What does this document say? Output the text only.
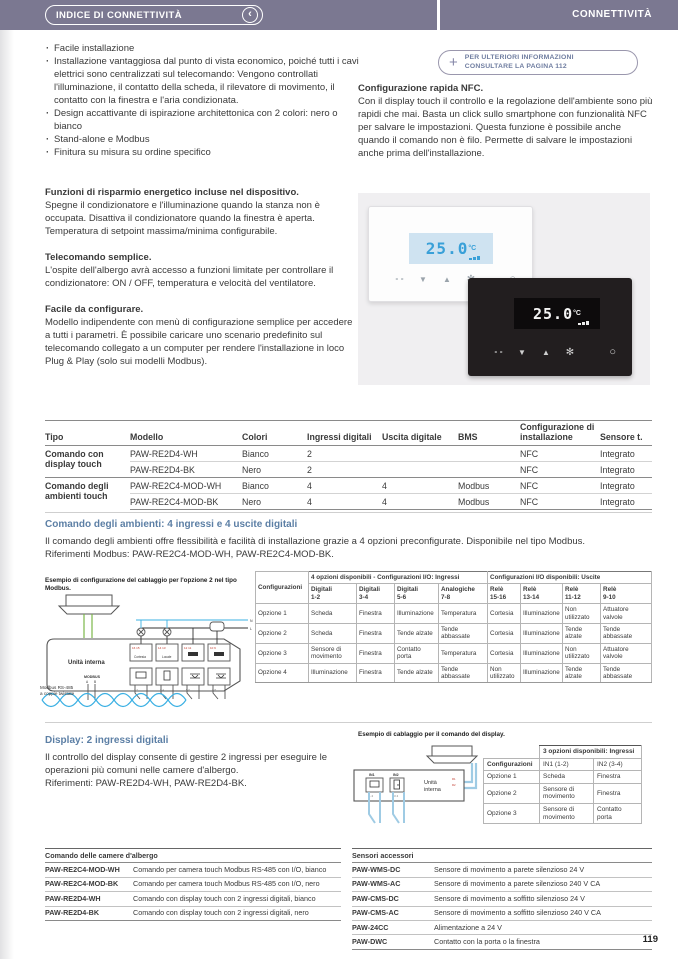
INDICE DI CONNETTIVITÀ	‹	CONNETTIVITÀ
· Facile installazione
· Installazione vantaggiosa dal punto di vista economico, poiché tutti i cavi elettrici sono centralizzati sul telecomando: Vengono controllati l'illuminazione, il contatto della scheda, il rilevatore di movimento, il contatto con la finestra e l'aria condizionata.
· Design accattivante di ispirazione architettonica con 2 colori: nero o bianco
· Stand-alone e Modbus
· Finitura su misura su ordine specifico
Funzioni di risparmio energetico incluse nel dispositivo.
Spegne il condizionatore e l'illuminazione quando la stanza non è occupata. Disattiva il condizionatore quando la finestra è aperta. Temperatura di setpoint massima/minima configurabile.
Telecomando semplice.
L'ospite dell'albergo avrà accesso a funzioni limitate per controllare il condizionatore: ON / OFF, temperatura e velocità del ventilatore.
Facile da configurare.
Modello indipendente con menù di configurazione semplice per accedere a tutti i parametri. È possibile caricare uno scenario predefinito sul telecomando collegato a un computer per rendere l'installazione in loco Plug & Play (solo sui modelli Modbus).
+ PER ULTERIORI INFORMAZIONI
CONSULTARE LA PAGINA 112
Configurazione rapida NFC.
Con il display touch il controllo e la regolazione dell'ambiente sono più rapidi che mai. Basta un click sullo smartphone con funzionalità NFC per salvare le impostazioni. Questa funzione è possibile anche quando il comando non è filo. Permette di salvare le impostazioni anche prima dell'installazione.
25.0 °C
∘∘	▼	▲
25.0 °C
∘∘	▼	▲	✻	○
Tipo	Modello	Colori	Ingressi digitali	Uscita digitale	BMS	Configurazione di installazione	Sensore t.
Comando con display touch	PAW-RE2D4-WH	Bianco	2			NFC	Integrato
	PAW-RE2D4-BK	Nero	2			NFC	Integrato
Comando degli ambienti touch	PAW-RE2C4-MOD-WH	Bianco	4	4	Modbus	NFC	Integrato
	PAW-RE2C4-MOD-BK	Nero	4	4	Modbus	NFC	Integrato
Comando degli ambienti: 4 ingressi e 4 uscite digitali
Il comando degli ambienti offre flessibilità e facilità di installazione grazie a 4 opzioni preconfigurate. Disponibile nel tipo Modbus.
Riferimenti Modbus: PAW-RE2C4-MOD-WH, PAW-RE2C4-MOD-BK.
Esempio di configurazione del cablaggio per l'opzione 2 nel tipo Modbus.
Unità interna
N
L
16 15	14 13	12 11	10 9
Cortesia	Locale
1 2	3 4	5 6	7 8
MODBUS
A B
Modbus RS-485
a coppie twistate
Configurazioni	4 opzioni disponibili - Configurazioni I/O: Ingressi				Configurazioni I/O disponibili: Uscite			

Digitali
1-2

Digitali
3-4

Digitali
5-6

Analogiche
7-8

Relè
15-16

Relè
13-14

Relè
11-12

Relè
9-10

Opzione 1	Scheda	Finestra	Illuminazione	Temperatura	Cortesia	Illuminazione	Non utilizzato	Attuatore valvole
Opzione 2	Scheda	Finestra	Tende alzate	Tende abbassate	Cortesia	Illuminazione	Tende alzate	Tende abbassate
Opzione 3	Sensore di movimento	Finestra	Contatto porta	Temperatura	Cortesia	Illuminazione	Non utilizzato	Attuatore valvole
Opzione 4	Illuminazione	Finestra	Tende alzate	Tende abbassate	Non utilizzato	Illuminazione	Tende alzate	Tende abbassate
Display: 2 ingressi digitali
Il controllo del display consente di gestire 2 ingressi per eseguire le operazioni più comuni nelle camere d'albergo.
Riferimenti: PAW-RE2D4-WH, PAW-RE2D4-BK.
Esempio di cablaggio per il comando del display.
IN1	IN2
1 2	3 4
Unità
interna
R1
R2
	3 opzioni disponibili: Ingressi	
Configurazioni	IN1 (1-2)	IN2 (3-4)
Opzione 1	Scheda	Finestra
Opzione 2	Sensore di movimento	Finestra
Opzione 3	Sensore di movimento	Contatto porta
Comando delle camere d'albergo	
PAW-RE2C4-MOD-WH	Comando per camera touch Modbus RS-485 con I/O, bianco
PAW-RE2C4-MOD-BK	Comando per camera touch Modbus RS-485 con I/O, nero
PAW-RE2D4-WH	Comando con display touch con 2 ingressi digitali, bianco
PAW-RE2D4-BK	Comando con display touch con 2 ingressi digitali, nero
Sensori accessori	
PAW-WMS-DC	Sensore di movimento a parete silenzioso 24 V
PAW-WMS-AC	Sensore di movimento a parete silenzioso 240 V CA
PAW-CMS-DC	Sensore di movimento a soffitto silenzioso 24 V
PAW-CMS-AC	Sensore di movimento a soffitto silenzioso 240 V CA
PAW-24CC	Alimentazione a 24 V
PAW-DWC	Contatto con la porta o la finestra	119
